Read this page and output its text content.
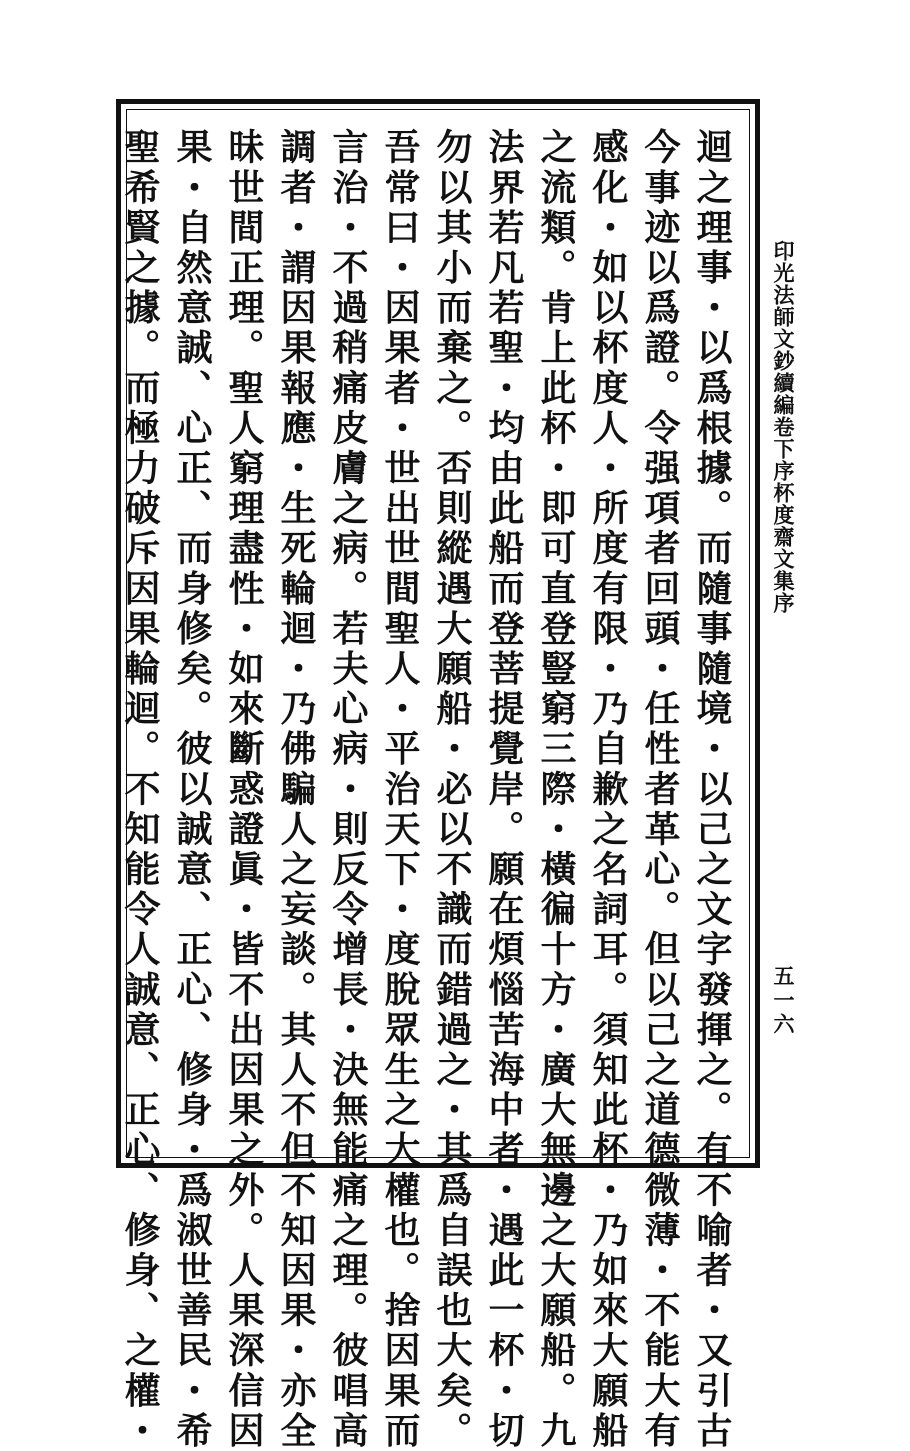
迴之理事・以爲根據。而隨事隨境・以己之文字發揮之。有不喻者・又引古
今事迹以爲證。令强項者回頭・任性者革心。但以己之道德微薄・不能大有
感化・如以杯度人・所度有限・乃自歉之名詞耳。須知此杯・乃如來大願船
之流類。肯上此杯・即可直登豎窮三際・橫徧十方・廣大無邊之大願船。九
法界若凡若聖・均由此船而登菩提覺岸。願在煩惱苦海中者・遇此一杯・切
勿以其小而棄之。否則縱遇大願船・必以不識而錯過之・其爲自誤也大矣。
吾常曰・因果者・世出世間聖人・平治天下・度脫眾生之大權也。捨因果而
言治・不過稍痛皮膚之病。若夫心病・則反令增長・決無能痛之理。彼唱高
調者・謂因果報應・生死輪迴・乃佛騙人之妄談。其人不但不知因果・亦全
昧世間正理。聖人窮理盡性・如來斷惑證眞・皆不出因果之外。人果深信因
果・自然意誠、心正、而身修矣。彼以誠意、正心、修身・爲淑世善民・希
聖希賢之據。而極力破斥因果輪迴。不知能令人誠意、正心、修身、之權・	印光法師文鈔續編卷下序杯度齋文集序
五一六
